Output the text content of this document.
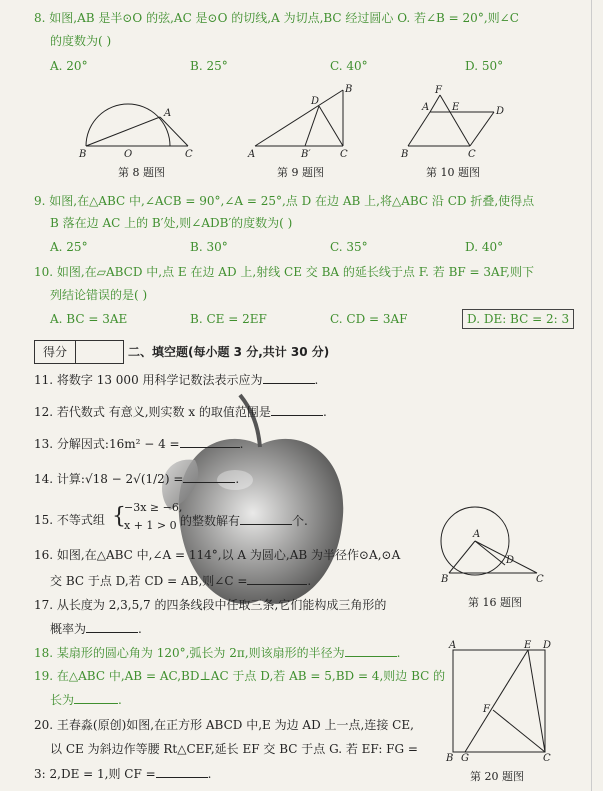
8. 如图,AB 是半⊙O 的弦,AC 是⊙O 的切线,A 为切点,BC 经过圆心 O. 若∠B = 20°,则∠C
的度数为( )
A. 20°	B. 25°	C. 40°	D. 50°
A
B	O	C
第 8 题图
B
D
A	B′	C
第 9 题图
F
A E	D
B	C
第 10 题图
9. 如图,在△ABC 中,∠ACB = 90°,∠A = 25°,点 D 在边 AB 上,将△ABC 沿 CD 折叠,使得点
B 落在边 AC 上的 B′处,则∠ADB′的度数为( )
A. 25°	B. 30°	C. 35°	D. 40°
10. 如图,在▱ABCD 中,点 E 在边 AD 上,射线 CE 交 BA 的延长线于点 F. 若 BF = 3AF,则下
列结论错误的是( )
A. BC = 3AE	B. CE = 2EF	C. CD = 3AF	D. DE: BC = 2: 3
得分	二、填空题(每小题 3 分,共计 30 分)
11. 将数字 13 000 用科学记数法表示应为	.
12. 若代数式 有意义,则实数 x 的取值范围是	.
13. 分解因式:16m² − 4 =	.
14. 计算:√18 − 2√(1/2) =	.
15. 不等式组 {
−3x ≥ −6,
x + 1 > 0 的整数解有	个.
16. 如图,在△ABC 中,∠A = 114°,以 A 为圆心,AB 为半径作⊙A,⊙A
交 BC 于点 D,若 CD = AB,则∠C =	.
A
B
D
C
第 16 题图
17. 从长度为 2,3,5,7 的四条线段中任取三条,它们能构成三角形的
概率为	.
18. 某扇形的圆心角为 120°,弧长为 2π,则该扇形的半径为	.
19. 在△ABC 中,AB = AC,BD⊥AC 于点 D,若 AB = 5,BD = 4,则边 BC 的
长为	.
20. 王春淼(原创)如图,在正方形 ABCD 中,E 为边 AD 上一点,连接 CE,
以 CE 为斜边作等腰 Rt△CEF,延长 EF 交 BC 于点 G. 若 EF: FG =
3: 2,DE = 1,则 CF =	.
A	E D
F
B G	C
第 20 题图
